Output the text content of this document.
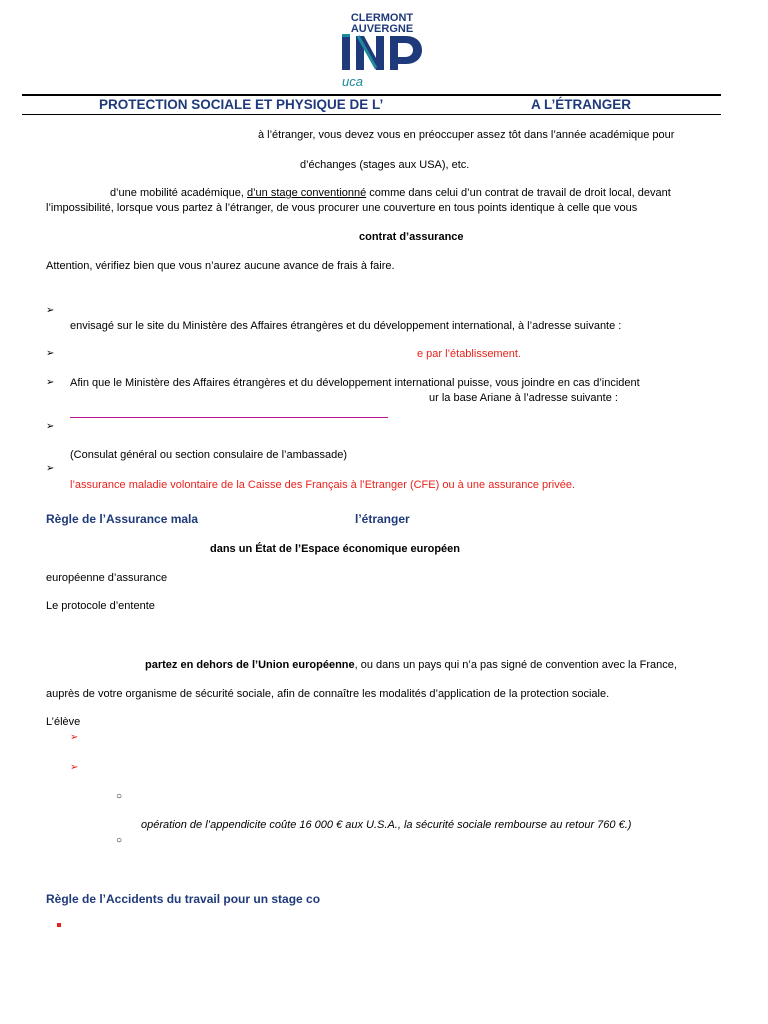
CLERMONT
AUVERGNE
uca
PROTECTION SOCIALE ET PHYSIQUE DE L’	A L’ÉTRANGER
à l’étranger, vous devez vous en préoccuper assez tôt dans l’année académique pour
d’échanges (stages aux USA), etc.
d’une mobilité académique, d’un stage conventionné comme dans celui d’un contrat de travail de droit local, devant
l’impossibilité, lorsque vous partez à l’étranger, de vous procurer une couverture en tous points identique à celle que vous
contrat d’assurance
Attention, vérifiez bien que vous n’aurez aucune avance de frais à faire.
➢
envisagé sur le site du Ministère des Affaires étrangères et du développement international, à l’adresse suivante :
➢	e par l’établissement.
➢ Afin que le Ministère des Affaires étrangères et du développement international puisse, vous joindre en cas d’incident
ur la base Ariane à l’adresse suivante :
➢
(Consulat général ou section consulaire de l’ambassade)
➢
l’assurance maladie volontaire de la Caisse des Français à l’Etranger (CFE) ou à une assurance privée.
Règle de l’Assurance mala	l’étranger
dans un État de l’Espace économique européen
européenne d’assurance
Le protocole d’entente
partez en dehors de l’Union européenne, ou dans un pays qui n’a pas signé de convention avec la France,
auprès de votre organisme de sécurité sociale, afin de connaître les modalités d’application de la protection sociale.
L’élève
➢
➢
○
opération de l’appendicite coûte 16 000 € aux U.S.A., la sécurité sociale rembourse au retour 760 €.)
○
Règle de l’Accidents du travail pour un stage co
